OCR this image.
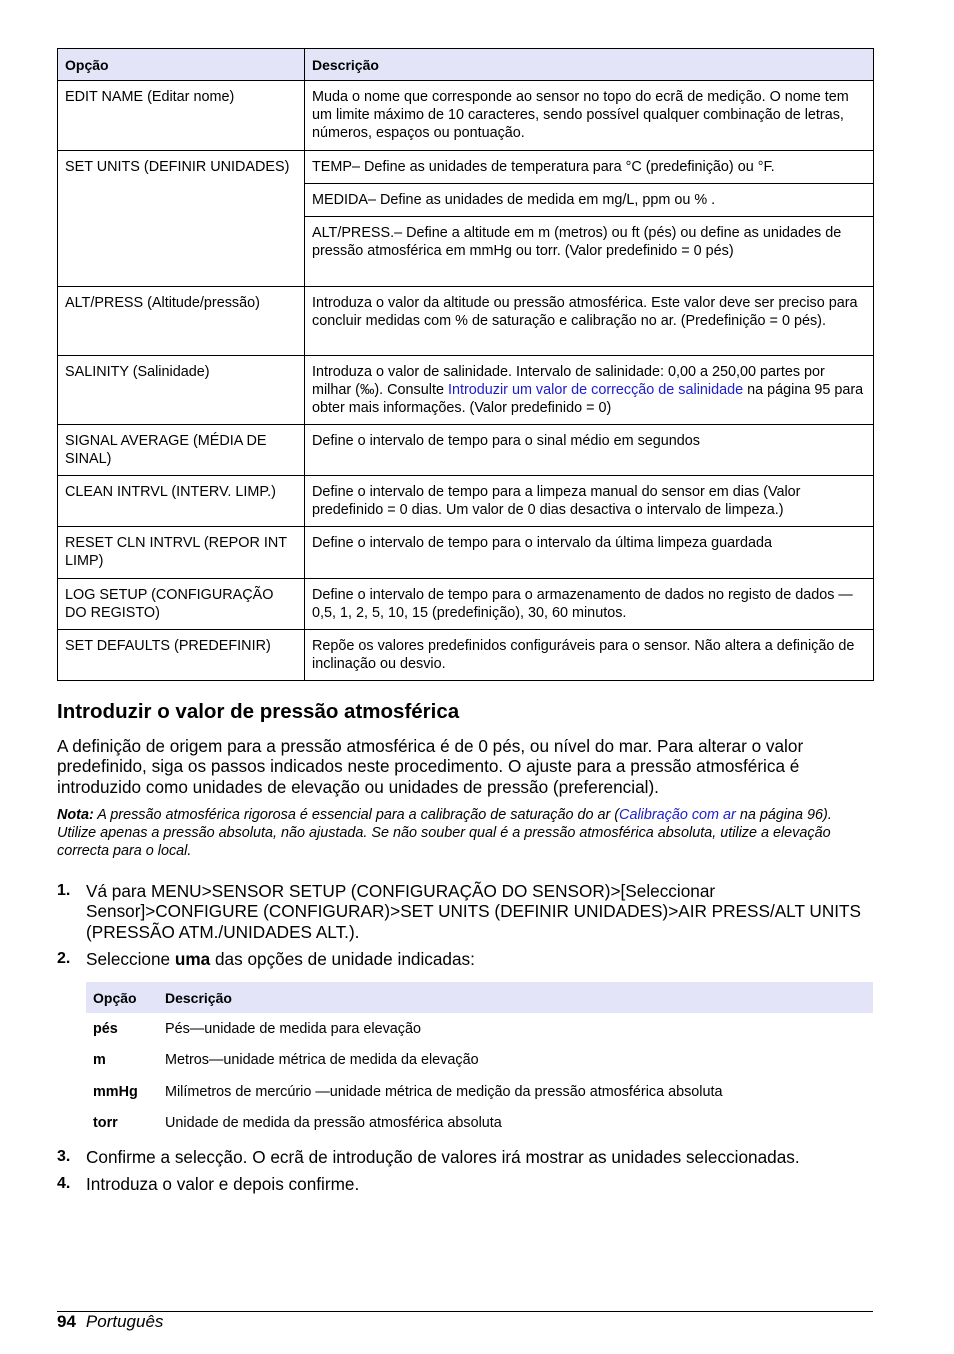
Opção	Descrição
EDIT NAME (Editar nome)	Muda o nome que corresponde ao sensor no topo do ecrã de medição. O nome tem um limite máximo de 10 caracteres, sendo possível qualquer combinação de letras, números, espaços ou pontuação.
SET UNITS (DEFINIR UNIDADES)	TEMP– Define as unidades de temperatura para °C (predefinição) ou °F.
	MEDIDA– Define as unidades de medida em mg/L, ppm ou % .
	ALT/PRESS.– Define a altitude em m (metros) ou ft (pés) ou define as unidades de pressão atmosférica em mmHg ou torr. (Valor predefinido = 0 pés)
ALT/PRESS (Altitude/pressão)	Introduza o valor da altitude ou pressão atmosférica. Este valor deve ser preciso para concluir medidas com % de saturação e calibração no ar. (Predefinição = 0 pés).
SALINITY (Salinidade)	Introduza o valor de salinidade. Intervalo de salinidade: 0,00 a 250,00 partes por milhar (‰). Consulte Introduzir um valor de correcção de salinidade na página 95 para obter mais informações. (Valor predefinido = 0)
SIGNAL AVERAGE (MÉDIA DE SINAL)	Define o intervalo de tempo para o sinal médio em segundos
CLEAN INTRVL (INTERV. LIMP.)	Define o intervalo de tempo para a limpeza manual do sensor em dias (Valor predefinido = 0 dias. Um valor de 0 dias desactiva o intervalo de limpeza.)
RESET CLN INTRVL (REPOR INT LIMP)	Define o intervalo de tempo para o intervalo da última limpeza guardada
LOG SETUP (CONFIGURAÇÃO DO REGISTO)	Define o intervalo de tempo para o armazenamento de dados no registo de dados —0,5, 1, 2, 5, 10, 15 (predefinição), 30, 60 minutos.
SET DEFAULTS (PREDEFINIR)	Repõe os valores predefinidos configuráveis para o sensor. Não altera a definição de inclinação ou desvio.
Introduzir o valor de pressão atmosférica

A definição de origem para a pressão atmosférica é de 0 pés, ou nível do mar. Para alterar o valor predefinido, siga os passos indicados neste procedimento. O ajuste para a pressão atmosférica é introduzido como unidades de elevação ou unidades de pressão (preferencial).

Nota: A pressão atmosférica rigorosa é essencial para a calibração de saturação do ar (Calibração com ar na página 96). Utilize apenas a pressão absoluta, não ajustada. Se não souber qual é a pressão atmosférica absoluta, utilize a elevação correcta para o local.

1. Vá para MENU>SENSOR SETUP (CONFIGURAÇÃO DO SENSOR)>[Seleccionar Sensor]>CONFIGURE (CONFIGURAR)>SET UNITS (DEFINIR UNIDADES)>AIR PRESS/ALT UNITS (PRESSÃO ATM./UNIDADES ALT.).
2. Seleccione uma das opções de unidade indicadas:
Opção	Descrição
pés	Pés—unidade de medida para elevação
m	Metros—unidade métrica de medida da elevação
mmHg	Milímetros de mercúrio —unidade métrica de medição da pressão atmosférica absoluta
torr	Unidade de medida da pressão atmosférica absoluta
3. Confirme a selecção. O ecrã de introdução de valores irá mostrar as unidades seleccionadas.
4. Introduza o valor e depois confirme.
94 Português
